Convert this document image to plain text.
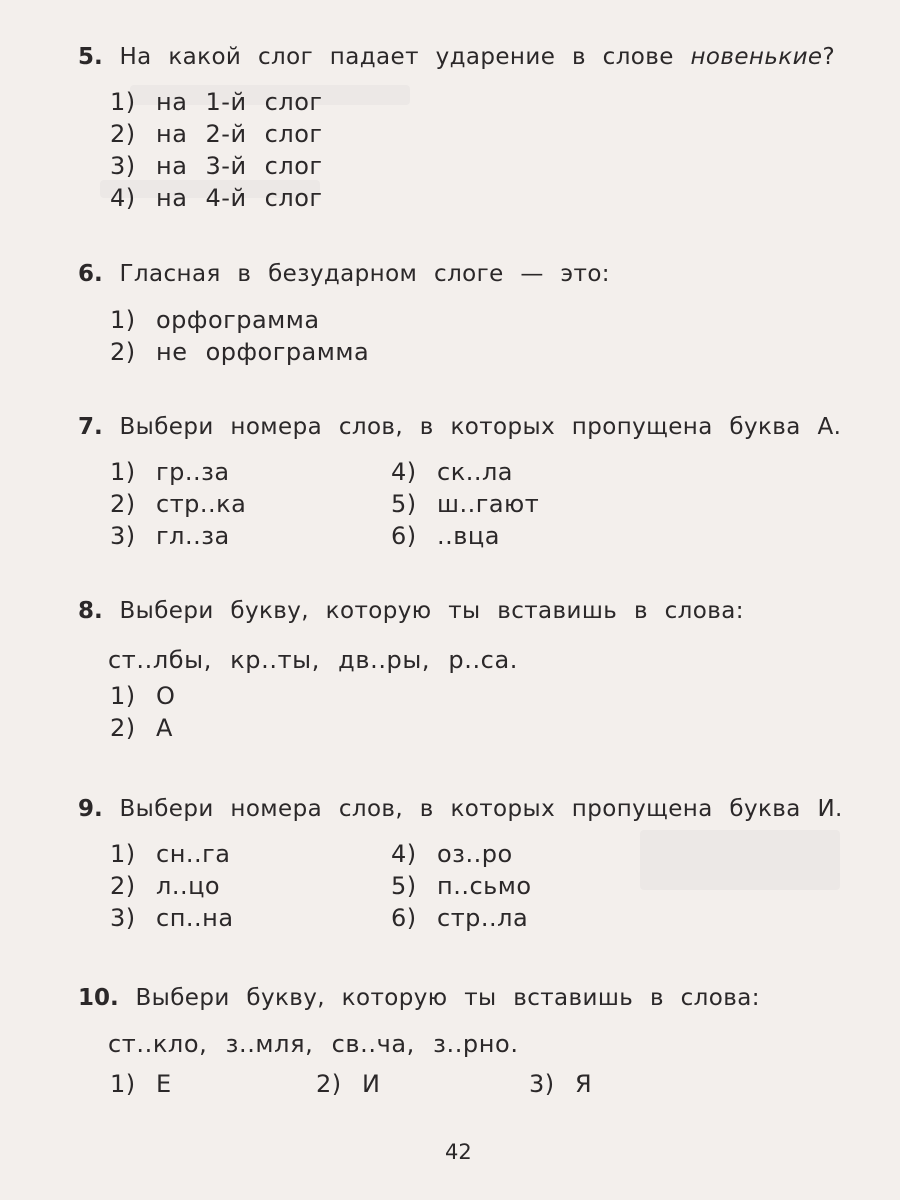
5. На какой слог падает ударение в слове новенькие?
1) на 1-й слог
2) на 2-й слог
3) на 3-й слог
4) на 4-й слог
6. Гласная в безударном слоге — это:
1) орфограмма
2) не орфограмма
7. Выбери номера слов, в которых пропущена буква А.
1) гр..за
2) стр..ка
3) гл..за
4) ск..ла
5) ш..гают
6) ..вца
8. Выбери букву, которую ты вставишь в слова:
ст..лбы, кр..ты, дв..ры, р..са.
1) О
2) А
9. Выбери номера слов, в которых пропущена буква И.
1) сн..га
2) л..цо
3) сп..на
4) оз..ро
5) п..сьмо
6) стр..ла
10. Выбери букву, которую ты вставишь в слова:
ст..кло, з..мля, св..ча, з..рно.
1) Е	2) И	3) Я
42
